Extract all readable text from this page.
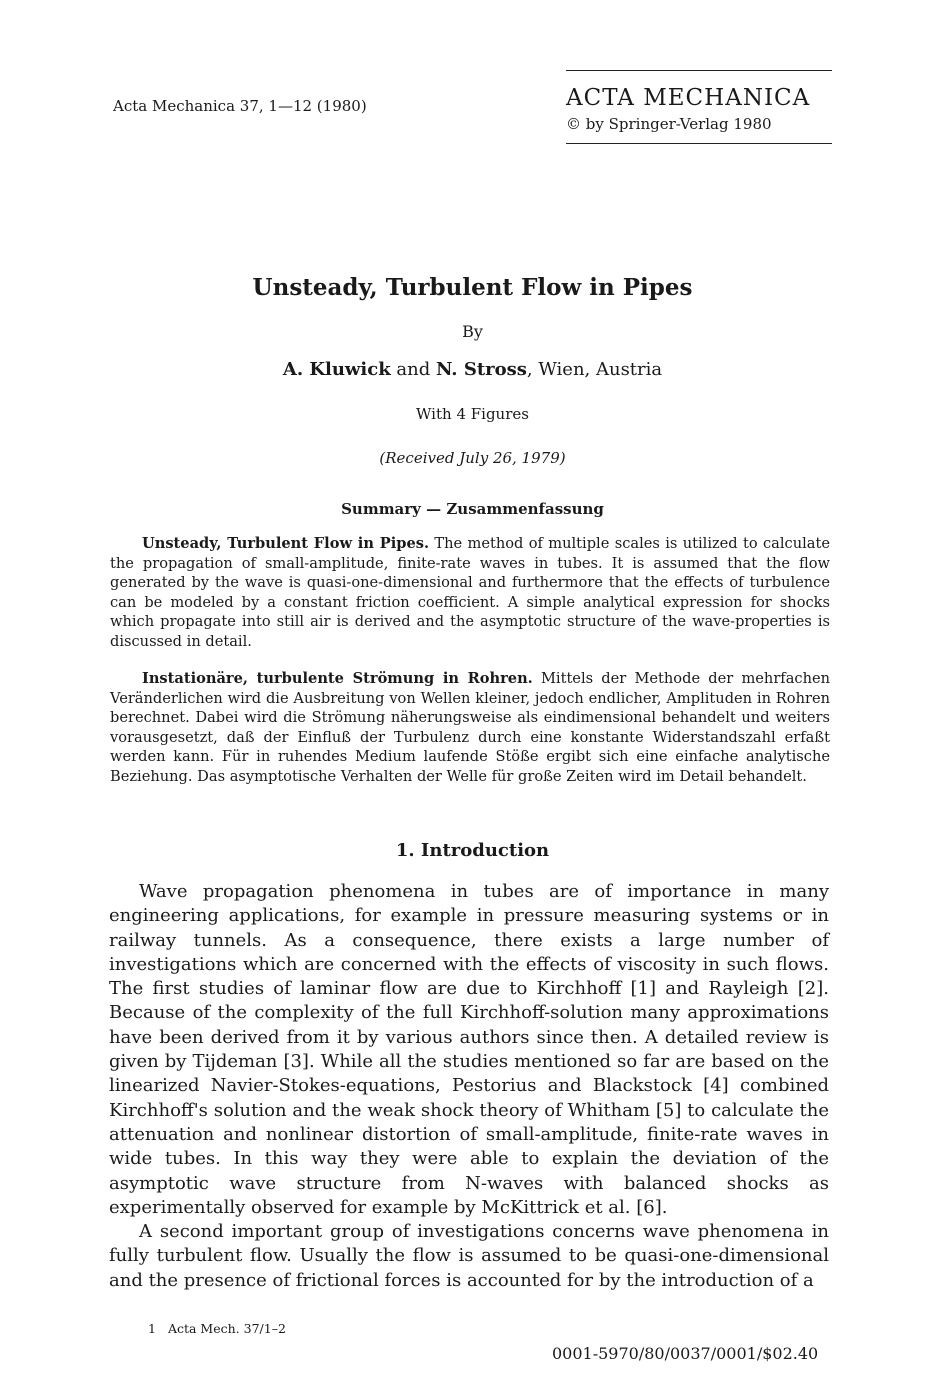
Acta Mechanica 37, 1—12 (1980)	ACTA MECHANICA
© by Springer-Verlag 1980
Unsteady, Turbulent Flow in Pipes
By
A. Kluwick and N. Stross, Wien, Austria
With 4 Figures
(Received July 26, 1979)
Summary — Zusammenfassung
Unsteady, Turbulent Flow in Pipes. The method of multiple scales is utilized to calculate the propagation of small-amplitude, finite-rate waves in tubes. It is assumed that the flow generated by the wave is quasi-one-dimensional and furthermore that the effects of turbulence can be modeled by a constant friction coefficient. A simple analytical expression for shocks which propagate into still air is derived and the asymptotic structure of the wave-properties is discussed in detail.
Instationäre, turbulente Strömung in Rohren. Mittels der Methode der mehrfachen Veränderlichen wird die Ausbreitung von Wellen kleiner, jedoch endlicher, Amplituden in Rohren berechnet. Dabei wird die Strömung näherungsweise als eindimensional behandelt und weiters vorausgesetzt, daß der Einfluß der Turbulenz durch eine konstante Widerstandszahl erfaßt werden kann. Für in ruhendes Medium laufende Stöße ergibt sich eine einfache analytische Beziehung. Das asymptotische Verhalten der Welle für große Zeiten wird im Detail behandelt.
1. Introduction

Wave propagation phenomena in tubes are of importance in many engineering applications, for example in pressure measuring systems or in railway tunnels. As a consequence, there exists a large number of investigations which are concerned with the effects of viscosity in such flows. The first studies of laminar flow are due to Kirchhoff [1] and Rayleigh [2]. Because of the complexity of the full Kirchhoff-solution many approximations have been derived from it by various authors since then. A detailed review is given by Tijdeman [3]. While all the studies mentioned so far are based on the linearized Navier-Stokes-equations, Pestorius and Blackstock [4] combined Kirchhoff's solution and the weak shock theory of Whitham [5] to calculate the attenuation and nonlinear distortion of small-amplitude, finite-rate waves in wide tubes. In this way they were able to explain the deviation of the asymptotic wave structure from N-waves with balanced shocks as experimentally observed for example by McKittrick et al. [6].

A second important group of investigations concerns wave phenomena in fully turbulent flow. Usually the flow is assumed to be quasi-one-dimensional and the presence of frictional forces is accounted for by the introduction of a

1 Acta Mech. 37/1–2
0001-5970/80/0037/0001/$02.40
